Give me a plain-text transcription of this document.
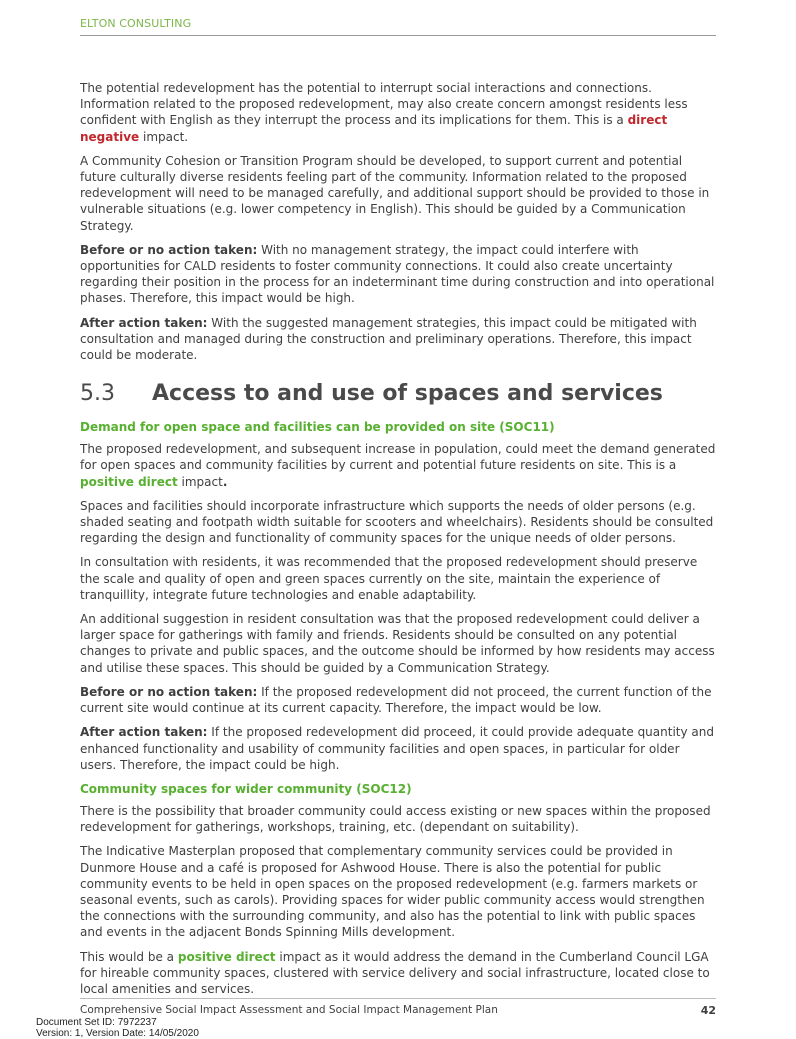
ELTON CONSULTING

The potential redevelopment has the potential to interrupt social interactions and connections. Information related to the proposed redevelopment, may also create concern amongst residents less confident with English as they interrupt the process and its implications for them. This is a direct negative impact.

A Community Cohesion or Transition Program should be developed, to support current and potential future culturally diverse residents feeling part of the community. Information related to the proposed redevelopment will need to be managed carefully, and additional support should be provided to those in vulnerable situations (e.g. lower competency in English). This should be guided by a Communication Strategy.

Before or no action taken: With no management strategy, the impact could interfere with opportunities for CALD residents to foster community connections. It could also create uncertainty regarding their position in the process for an indeterminant time during construction and into operational phases. Therefore, this impact would be high.

After action taken: With the suggested management strategies, this impact could be mitigated with consultation and managed during the construction and preliminary operations. Therefore, this impact could be moderate.

5.3 Access to and use of spaces and services
Demand for open space and facilities can be provided on site (SOC11)

The proposed redevelopment, and subsequent increase in population, could meet the demand generated for open spaces and community facilities by current and potential future residents on site. This is a positive direct impact.

Spaces and facilities should incorporate infrastructure which supports the needs of older persons (e.g. shaded seating and footpath width suitable for scooters and wheelchairs). Residents should be consulted regarding the design and functionality of community spaces for the unique needs of older persons.

In consultation with residents, it was recommended that the proposed redevelopment should preserve the scale and quality of open and green spaces currently on the site, maintain the experience of tranquillity, integrate future technologies and enable adaptability.

An additional suggestion in resident consultation was that the proposed redevelopment could deliver a larger space for gatherings with family and friends. Residents should be consulted on any potential changes to private and public spaces, and the outcome should be informed by how residents may access and utilise these spaces. This should be guided by a Communication Strategy.

Before or no action taken: If the proposed redevelopment did not proceed, the current function of the current site would continue at its current capacity. Therefore, the impact would be low.

After action taken: If the proposed redevelopment did proceed, it could provide adequate quantity and enhanced functionality and usability of community facilities and open spaces, in particular for older users. Therefore, the impact could be high.

Community spaces for wider community (SOC12)

There is the possibility that broader community could access existing or new spaces within the proposed redevelopment for gatherings, workshops, training, etc. (dependant on suitability).

The Indicative Masterplan proposed that complementary community services could be provided in Dunmore House and a café is proposed for Ashwood House. There is also the potential for public community events to be held in open spaces on the proposed redevelopment (e.g. farmers markets or seasonal events, such as carols). Providing spaces for wider public community access would strengthen the connections with the surrounding community, and also has the potential to link with public spaces and events in the adjacent Bonds Spinning Mills development.

This would be a positive direct impact as it would address the demand in the Cumberland Council LGA for hireable community spaces, clustered with service delivery and social infrastructure, located close to local amenities and services.

Comprehensive Social Impact Assessment and Social Impact Management Plan	42
Document Set ID: 7972237
Version: 1, Version Date: 14/05/2020
